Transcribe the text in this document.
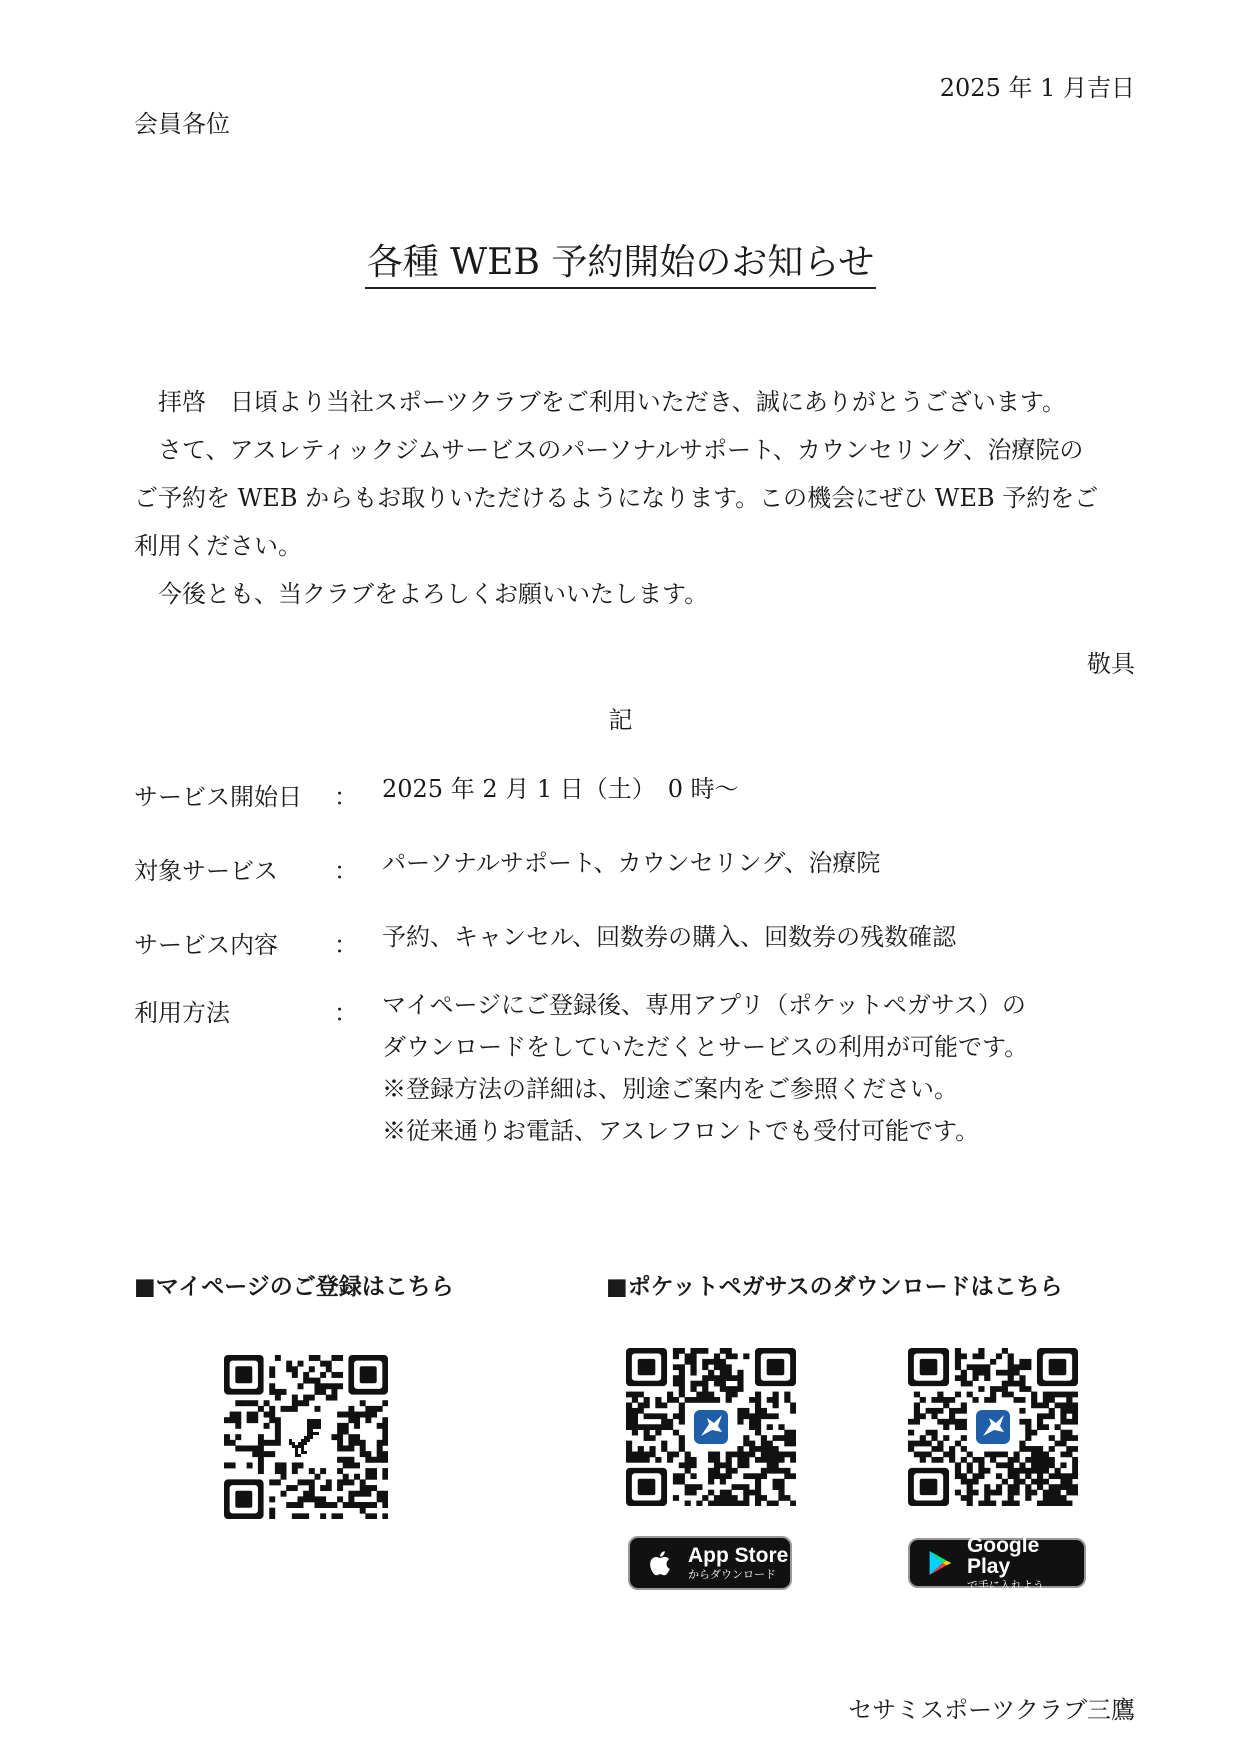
2025 年 1 月吉日
会員各位
各種 WEB 予約開始のお知らせ

拝啓　日頃より当社スポーツクラブをご利用いただき、誠にありがとうございます。

さて、アスレティックジムサービスのパーソナルサポート、カウンセリング、治療院の

ご予約を WEB からもお取りいただけるようになります。この機会にぜひ WEB 予約をご

利用ください。

今後とも、当クラブをよろしくお願いいたします。

敬具
記
サービス開始日	： 2025 年 2 月 1 日（土）　0 時～
対象サービス	： パーソナルサポート、カウンセリング、治療院
サービス内容	： 予約、キャンセル、回数券の購入、回数券の残数確認
利用方法	： マイページにご登録後、専用アプリ（ポケットペガサス）の
ダウンロードをしていただくとサービスの利用が可能です。
※登録方法の詳細は、別途ご案内をご参照ください。
※従来通りお電話、アスレフロントでも受付可能です。
■マイページのご登録はこちら	■ポケットペガサスのダウンロードはこちら
App Store
からダウンロード
Google Play
で手に入れよう
セサミスポーツクラブ三鷹
